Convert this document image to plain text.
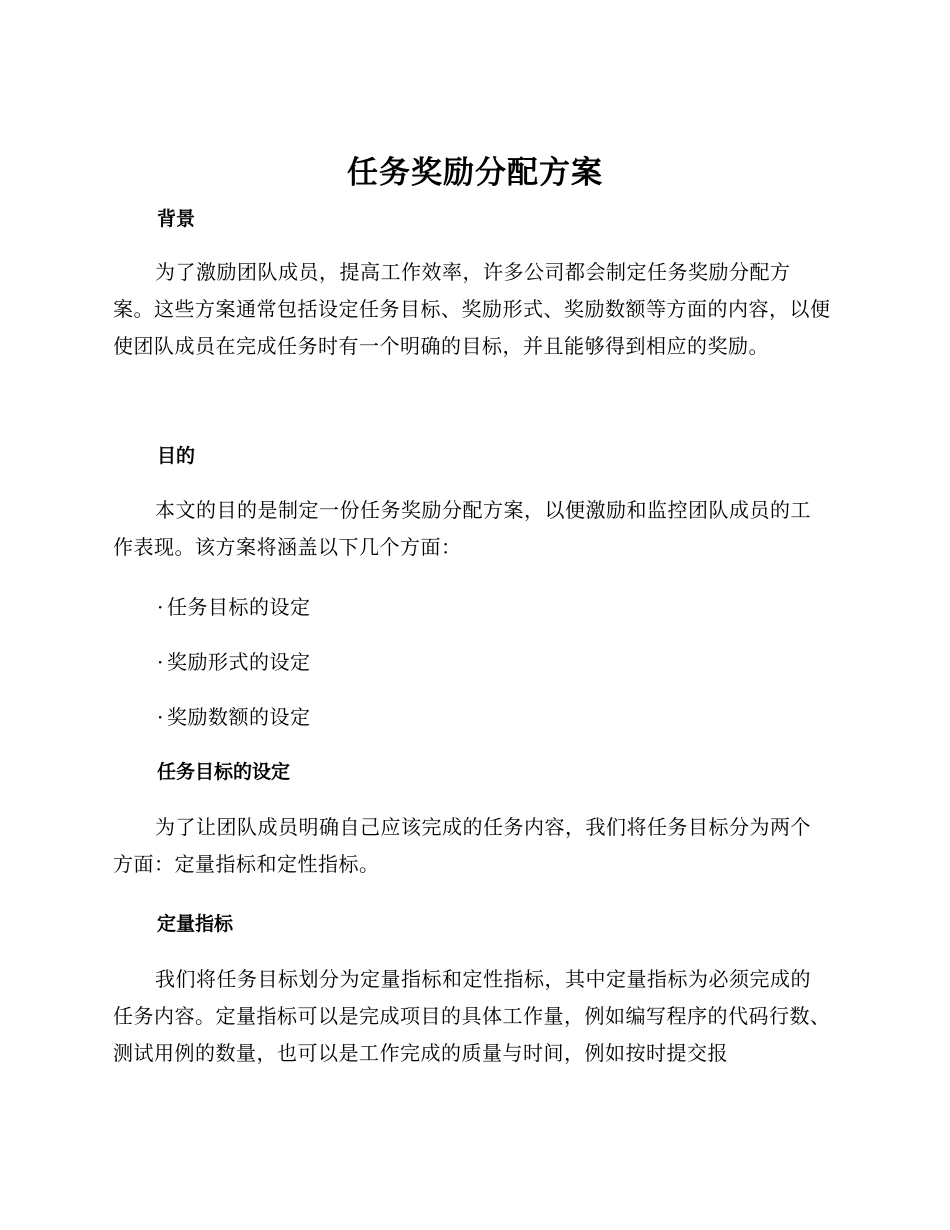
任务奖励分配方案
背景

为了激励团队成员，提高工作效率，许多公司都会制定任务奖励分配方案。这些方案通常包括设定任务目标、奖励形式、奖励数额等方面的内容，以便使团队成员在完成任务时有一个明确的目标，并且能够得到相应的奖励。

目的

本文的目的是制定一份任务奖励分配方案，以便激励和监控团队成员的工作表现。该方案将涵盖以下几个方面：

· 任务目标的设定
· 奖励形式的设定
· 奖励数额的设定
任务目标的设定

为了让团队成员明确自己应该完成的任务内容，我们将任务目标分为两个方面：定量指标和定性指标。

定量指标

我们将任务目标划分为定量指标和定性指标，其中定量指标为必须完成的任务内容。定量指标可以是完成项目的具体工作量，例如编写程序的代码行数、测试用例的数量，也可以是工作完成的质量与时间，例如按时提交报
